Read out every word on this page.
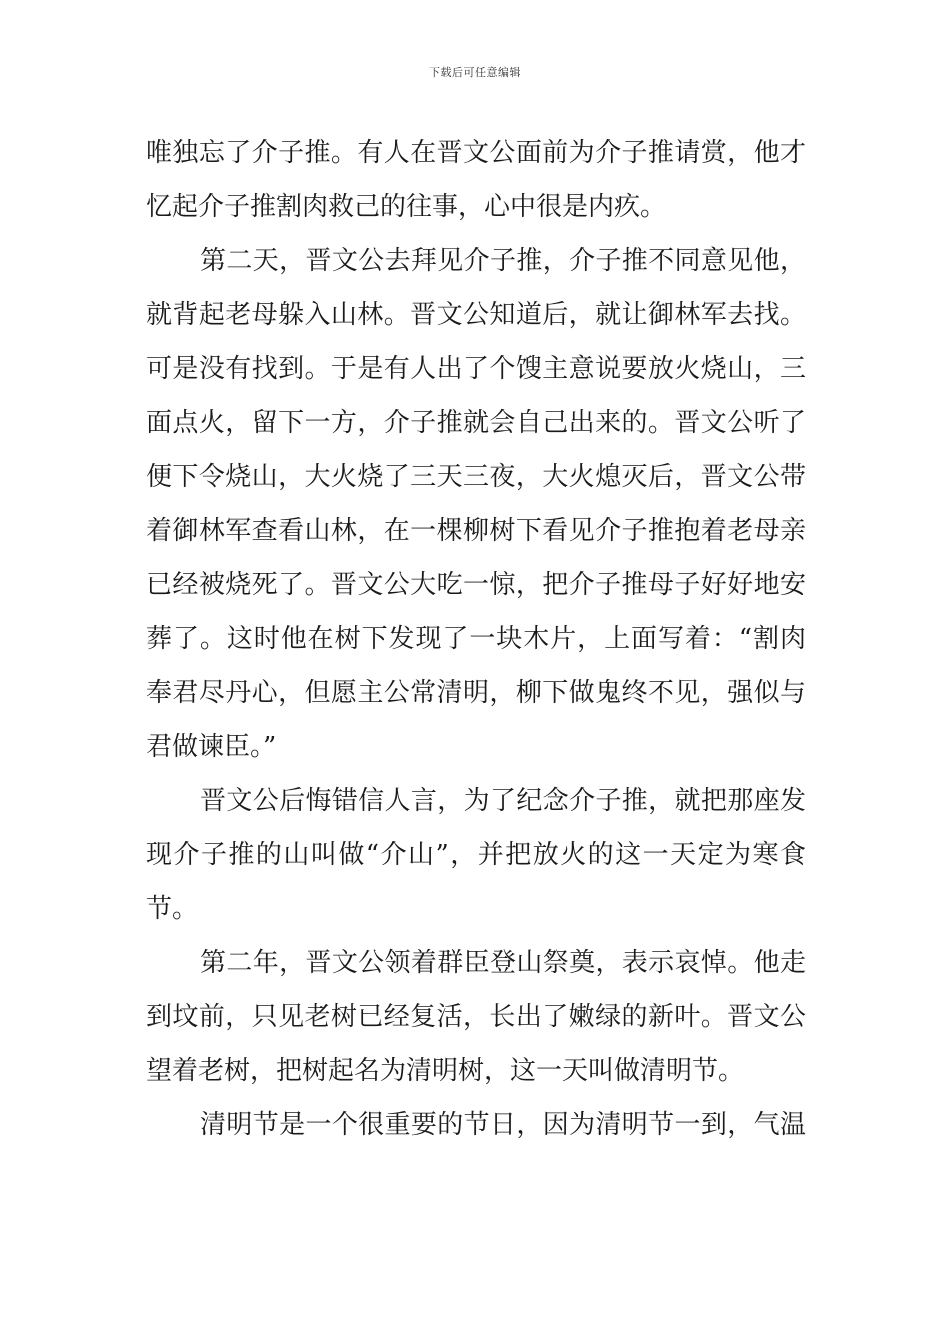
下载后可任意编辑
唯独忘了介子推。有人在晋文公面前为介子推请赏，他才
忆起介子推割肉救己的往事，心中很是内疚。
第二天，晋文公去拜见介子推，介子推不同意见他，
就背起老母躲入山林。晋文公知道后，就让御林军去找。
可是没有找到。于是有人出了个馊主意说要放火烧山，三
面点火，留下一方，介子推就会自己出来的。晋文公听了
便下令烧山，大火烧了三天三夜，大火熄灭后，晋文公带
着御林军查看山林，在一棵柳树下看见介子推抱着老母亲
已经被烧死了。晋文公大吃一惊，把介子推母子好好地安
葬了。这时他在树下发现了一块木片，上面写着：“割肉
奉君尽丹心，但愿主公常清明，柳下做鬼终不见，强似与
君做谏臣。”
晋文公后悔错信人言，为了纪念介子推，就把那座发
现介子推的山叫做“介山”，并把放火的这一天定为寒食
节。
第二年，晋文公领着群臣登山祭奠，表示哀悼。他走
到坟前，只见老树已经复活，长出了嫩绿的新叶。晋文公
望着老树，把树起名为清明树，这一天叫做清明节。
清明节是一个很重要的节日，因为清明节一到，气温
